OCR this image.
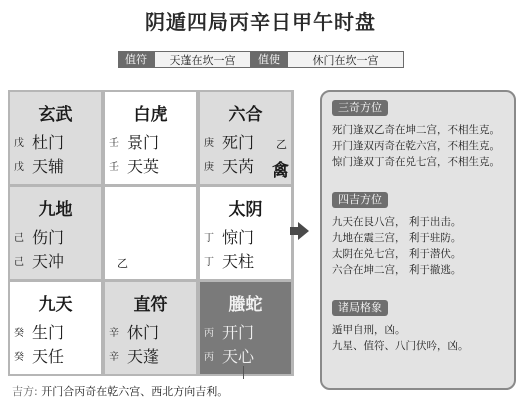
阴遁四局丙辛日甲午时盘
值符	天蓬在坎一宫	值使	休门在坎一宫
玄武
戊 杜门
戊 天辅
白虎
壬 景门
壬 天英
六合
庚 死门
庚 天芮
乙
禽
九地
己 伤门
己 天冲	乙
太阴
丁 惊门
丁 天柱
九天
癸 生门
癸 天任
直符
辛 休门
辛 天蓬
螣蛇
丙 开门
丙 天心
三奇方位
死门逢双乙奇在坤二宫，不相生克。
开门逢双丙奇在乾六宫，不相生克。
惊门逢双丁奇在兑七宫，不相生克。
四吉方位
九天在艮八宫， 利于出击。
九地在震三宫， 利于驻防。
太阴在兑七宫， 利于潜伏。
六合在坤二宫， 利于撤逃。
诸局格象
遁甲自刑，凶。
九星、值符、八门伏吟，凶。
吉方: 开门合丙奇在乾六宫、西北方向吉利。
